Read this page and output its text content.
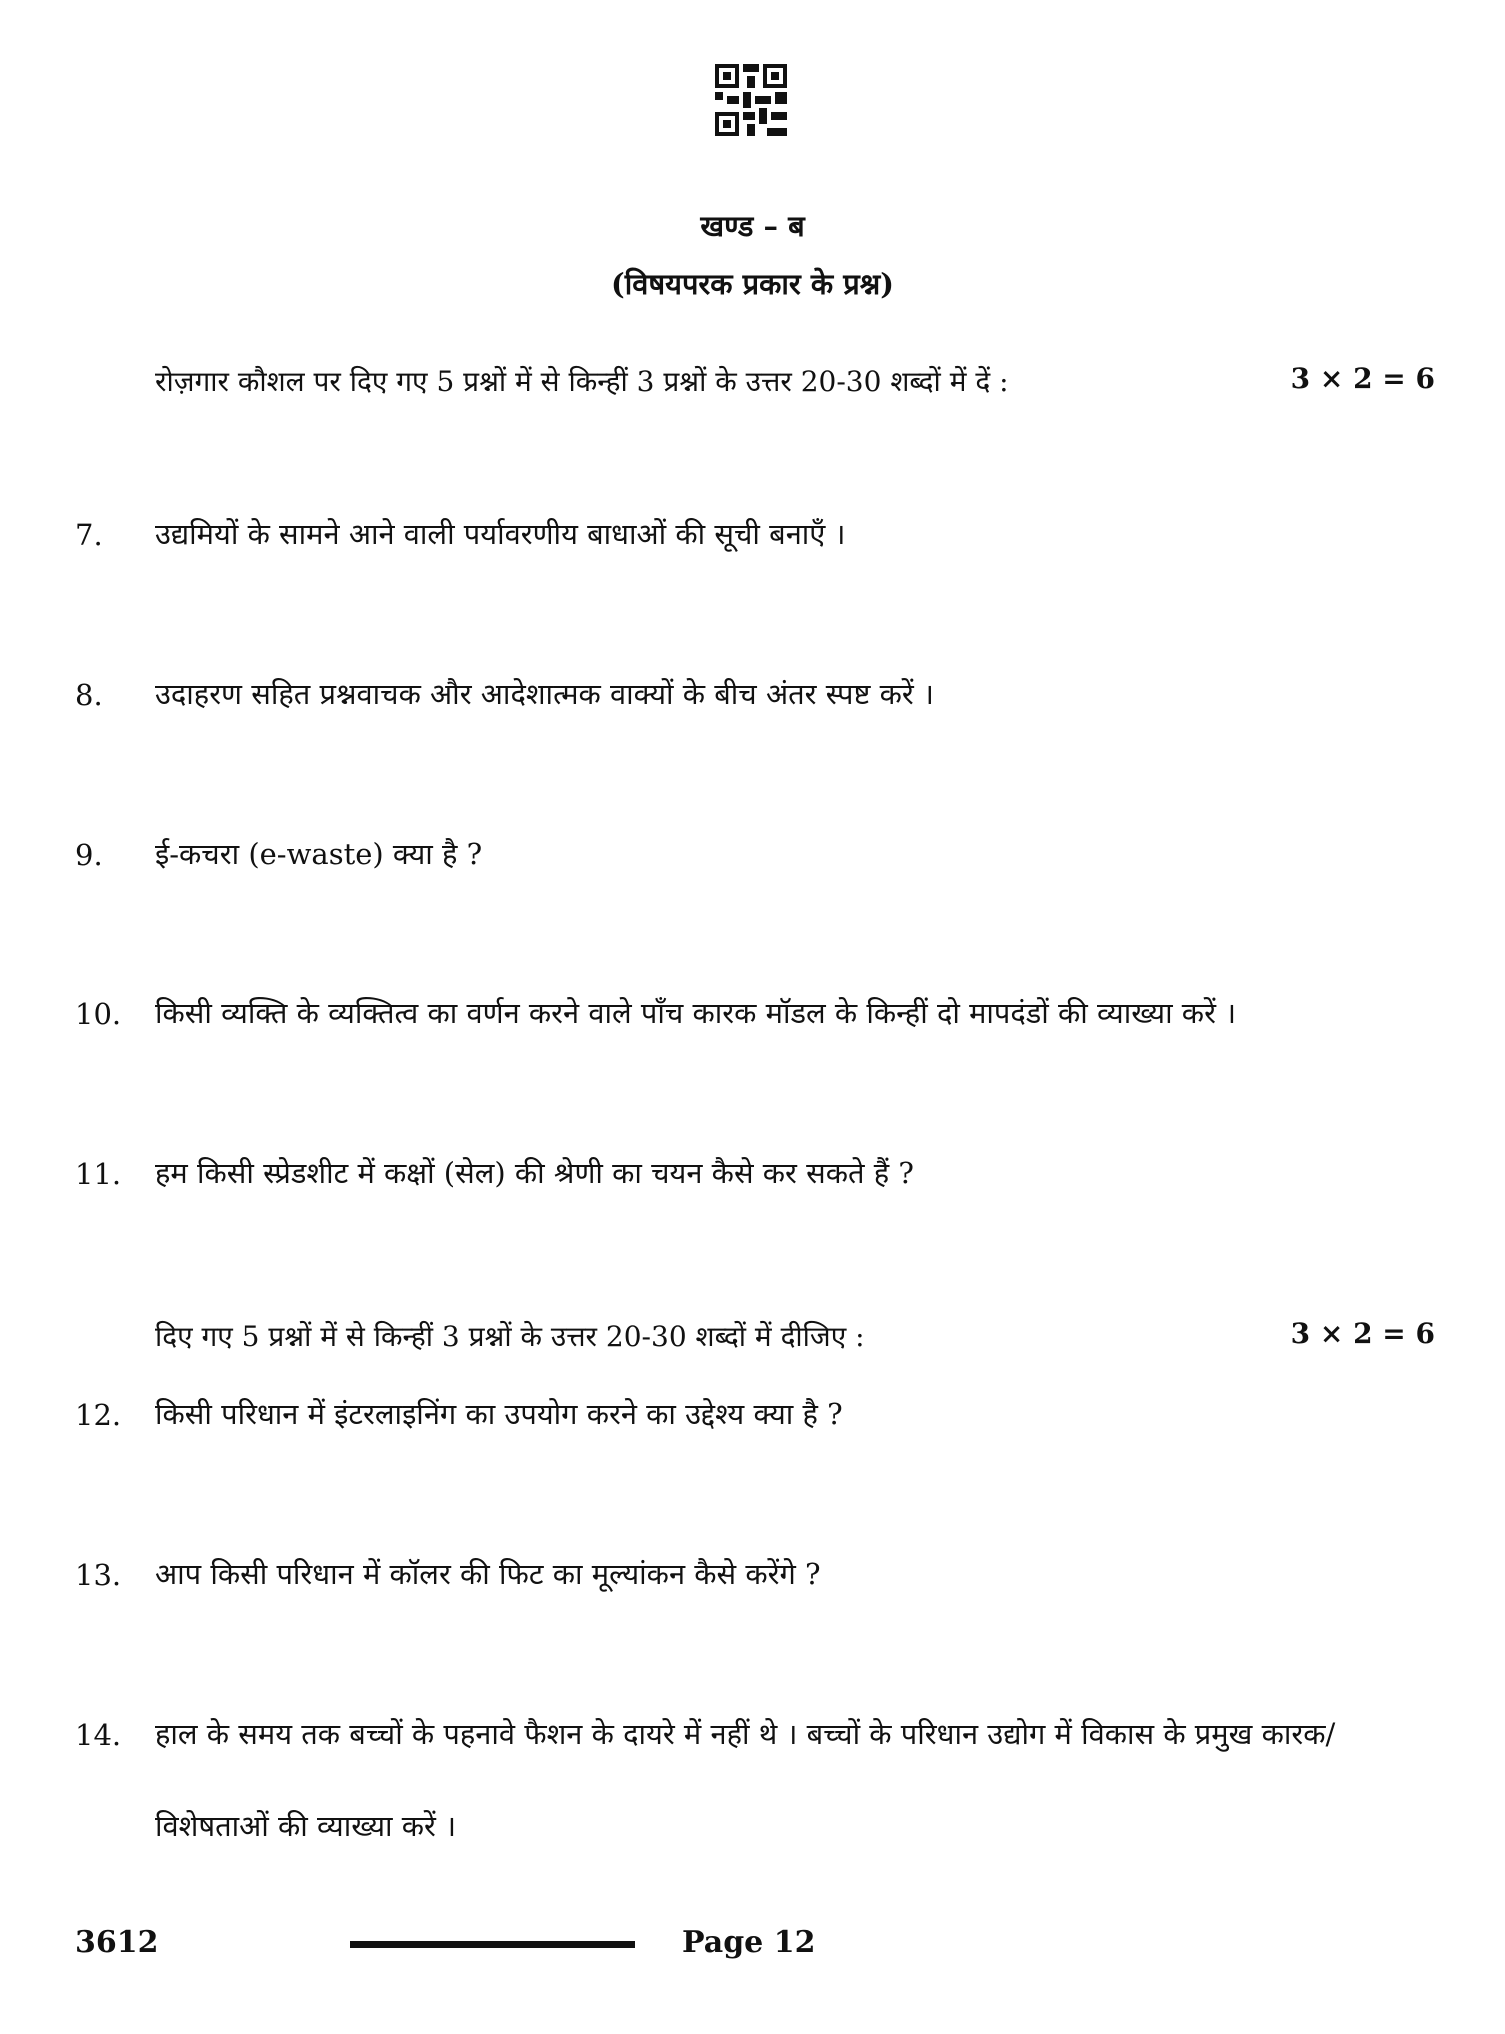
खण्ड – ब
(विषयपरक प्रकार के प्रश्न)
रोज़गार कौशल पर दिए गए 5 प्रश्नों में से किन्हीं 3 प्रश्नों के उत्तर 20-30 शब्दों में दें :	3 × 2 = 6
7.	उद्यमियों के सामने आने वाली पर्यावरणीय बाधाओं की सूची बनाएँ ।
8.	उदाहरण सहित प्रश्नवाचक और आदेशात्मक वाक्यों के बीच अंतर स्पष्ट करें ।
9.	ई-कचरा (e-waste) क्या है ?
10.	किसी व्यक्ति के व्यक्तित्व का वर्णन करने वाले पाँच कारक मॉडल के किन्हीं दो मापदंडों की व्याख्या करें ।
11.	हम किसी स्प्रेडशीट में कक्षों (सेल) की श्रेणी का चयन कैसे कर सकते हैं ?
दिए गए 5 प्रश्नों में से किन्हीं 3 प्रश्नों के उत्तर 20-30 शब्दों में दीजिए :	3 × 2 = 6
12.	किसी परिधान में इंटरलाइनिंग का उपयोग करने का उद्देश्य क्या है ?
13.	आप किसी परिधान में कॉलर की फिट का मूल्यांकन कैसे करेंगे ?
14.	हाल के समय तक बच्चों के पहनावे फैशन के दायरे में नहीं थे । बच्चों के परिधान उद्योग में विकास के प्रमुख कारक/विशेषताओं की व्याख्या करें ।
3612	Page 12
